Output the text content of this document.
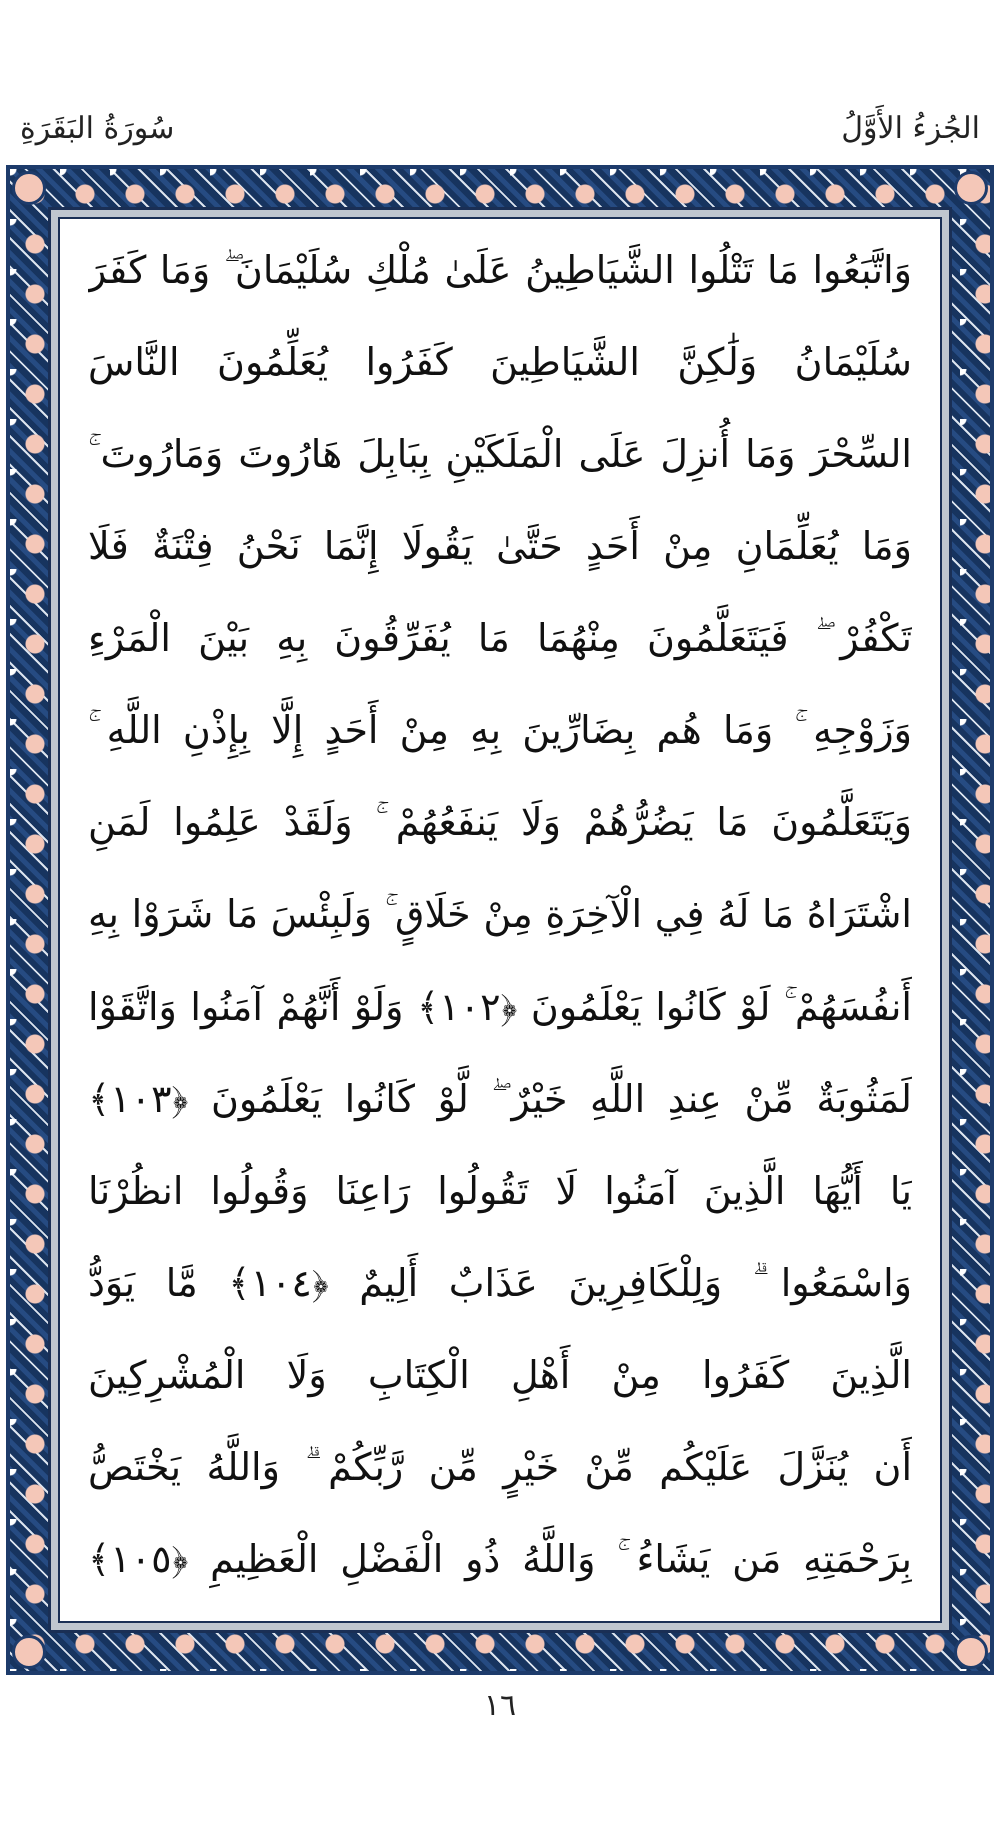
سُورَةُ البَقَرَةِ	الجُزءُ الأَوَّلُ
وَاتَّبَعُوا مَا تَتْلُوا الشَّيَاطِينُ عَلَىٰ مُلْكِ سُلَيْمَانَ ۖ وَمَا كَفَرَ
سُلَيْمَانُ وَلَٰكِنَّ الشَّيَاطِينَ كَفَرُوا يُعَلِّمُونَ النَّاسَ
السِّحْرَ وَمَا أُنزِلَ عَلَى الْمَلَكَيْنِ بِبَابِلَ هَارُوتَ وَمَارُوتَ ۚ
وَمَا يُعَلِّمَانِ مِنْ أَحَدٍ حَتَّىٰ يَقُولَا إِنَّمَا نَحْنُ فِتْنَةٌ فَلَا
تَكْفُرْ ۖ فَيَتَعَلَّمُونَ مِنْهُمَا مَا يُفَرِّقُونَ بِهِ بَيْنَ الْمَرْءِ
وَزَوْجِهِ ۚ وَمَا هُم بِضَارِّينَ بِهِ مِنْ أَحَدٍ إِلَّا بِإِذْنِ اللَّهِ ۚ
وَيَتَعَلَّمُونَ مَا يَضُرُّهُمْ وَلَا يَنفَعُهُمْ ۚ وَلَقَدْ عَلِمُوا لَمَنِ
اشْتَرَاهُ مَا لَهُ فِي الْآخِرَةِ مِنْ خَلَاقٍ ۚ وَلَبِئْسَ مَا شَرَوْا بِهِ
أَنفُسَهُمْ ۚ لَوْ كَانُوا يَعْلَمُونَ ﴿١٠٢﴾ وَلَوْ أَنَّهُمْ آمَنُوا وَاتَّقَوْا
لَمَثُوبَةٌ مِّنْ عِندِ اللَّهِ خَيْرٌ ۖ لَّوْ كَانُوا يَعْلَمُونَ ﴿١٠٣﴾
يَا أَيُّهَا الَّذِينَ آمَنُوا لَا تَقُولُوا رَاعِنَا وَقُولُوا انظُرْنَا
وَاسْمَعُوا ۗ وَلِلْكَافِرِينَ عَذَابٌ أَلِيمٌ ﴿١٠٤﴾ مَّا يَوَدُّ
الَّذِينَ كَفَرُوا مِنْ أَهْلِ الْكِتَابِ وَلَا الْمُشْرِكِينَ
أَن يُنَزَّلَ عَلَيْكُم مِّنْ خَيْرٍ مِّن رَّبِّكُمْ ۗ وَاللَّهُ يَخْتَصُّ
بِرَحْمَتِهِ مَن يَشَاءُ ۚ وَاللَّهُ ذُو الْفَضْلِ الْعَظِيمِ ﴿١٠٥﴾
١٦
